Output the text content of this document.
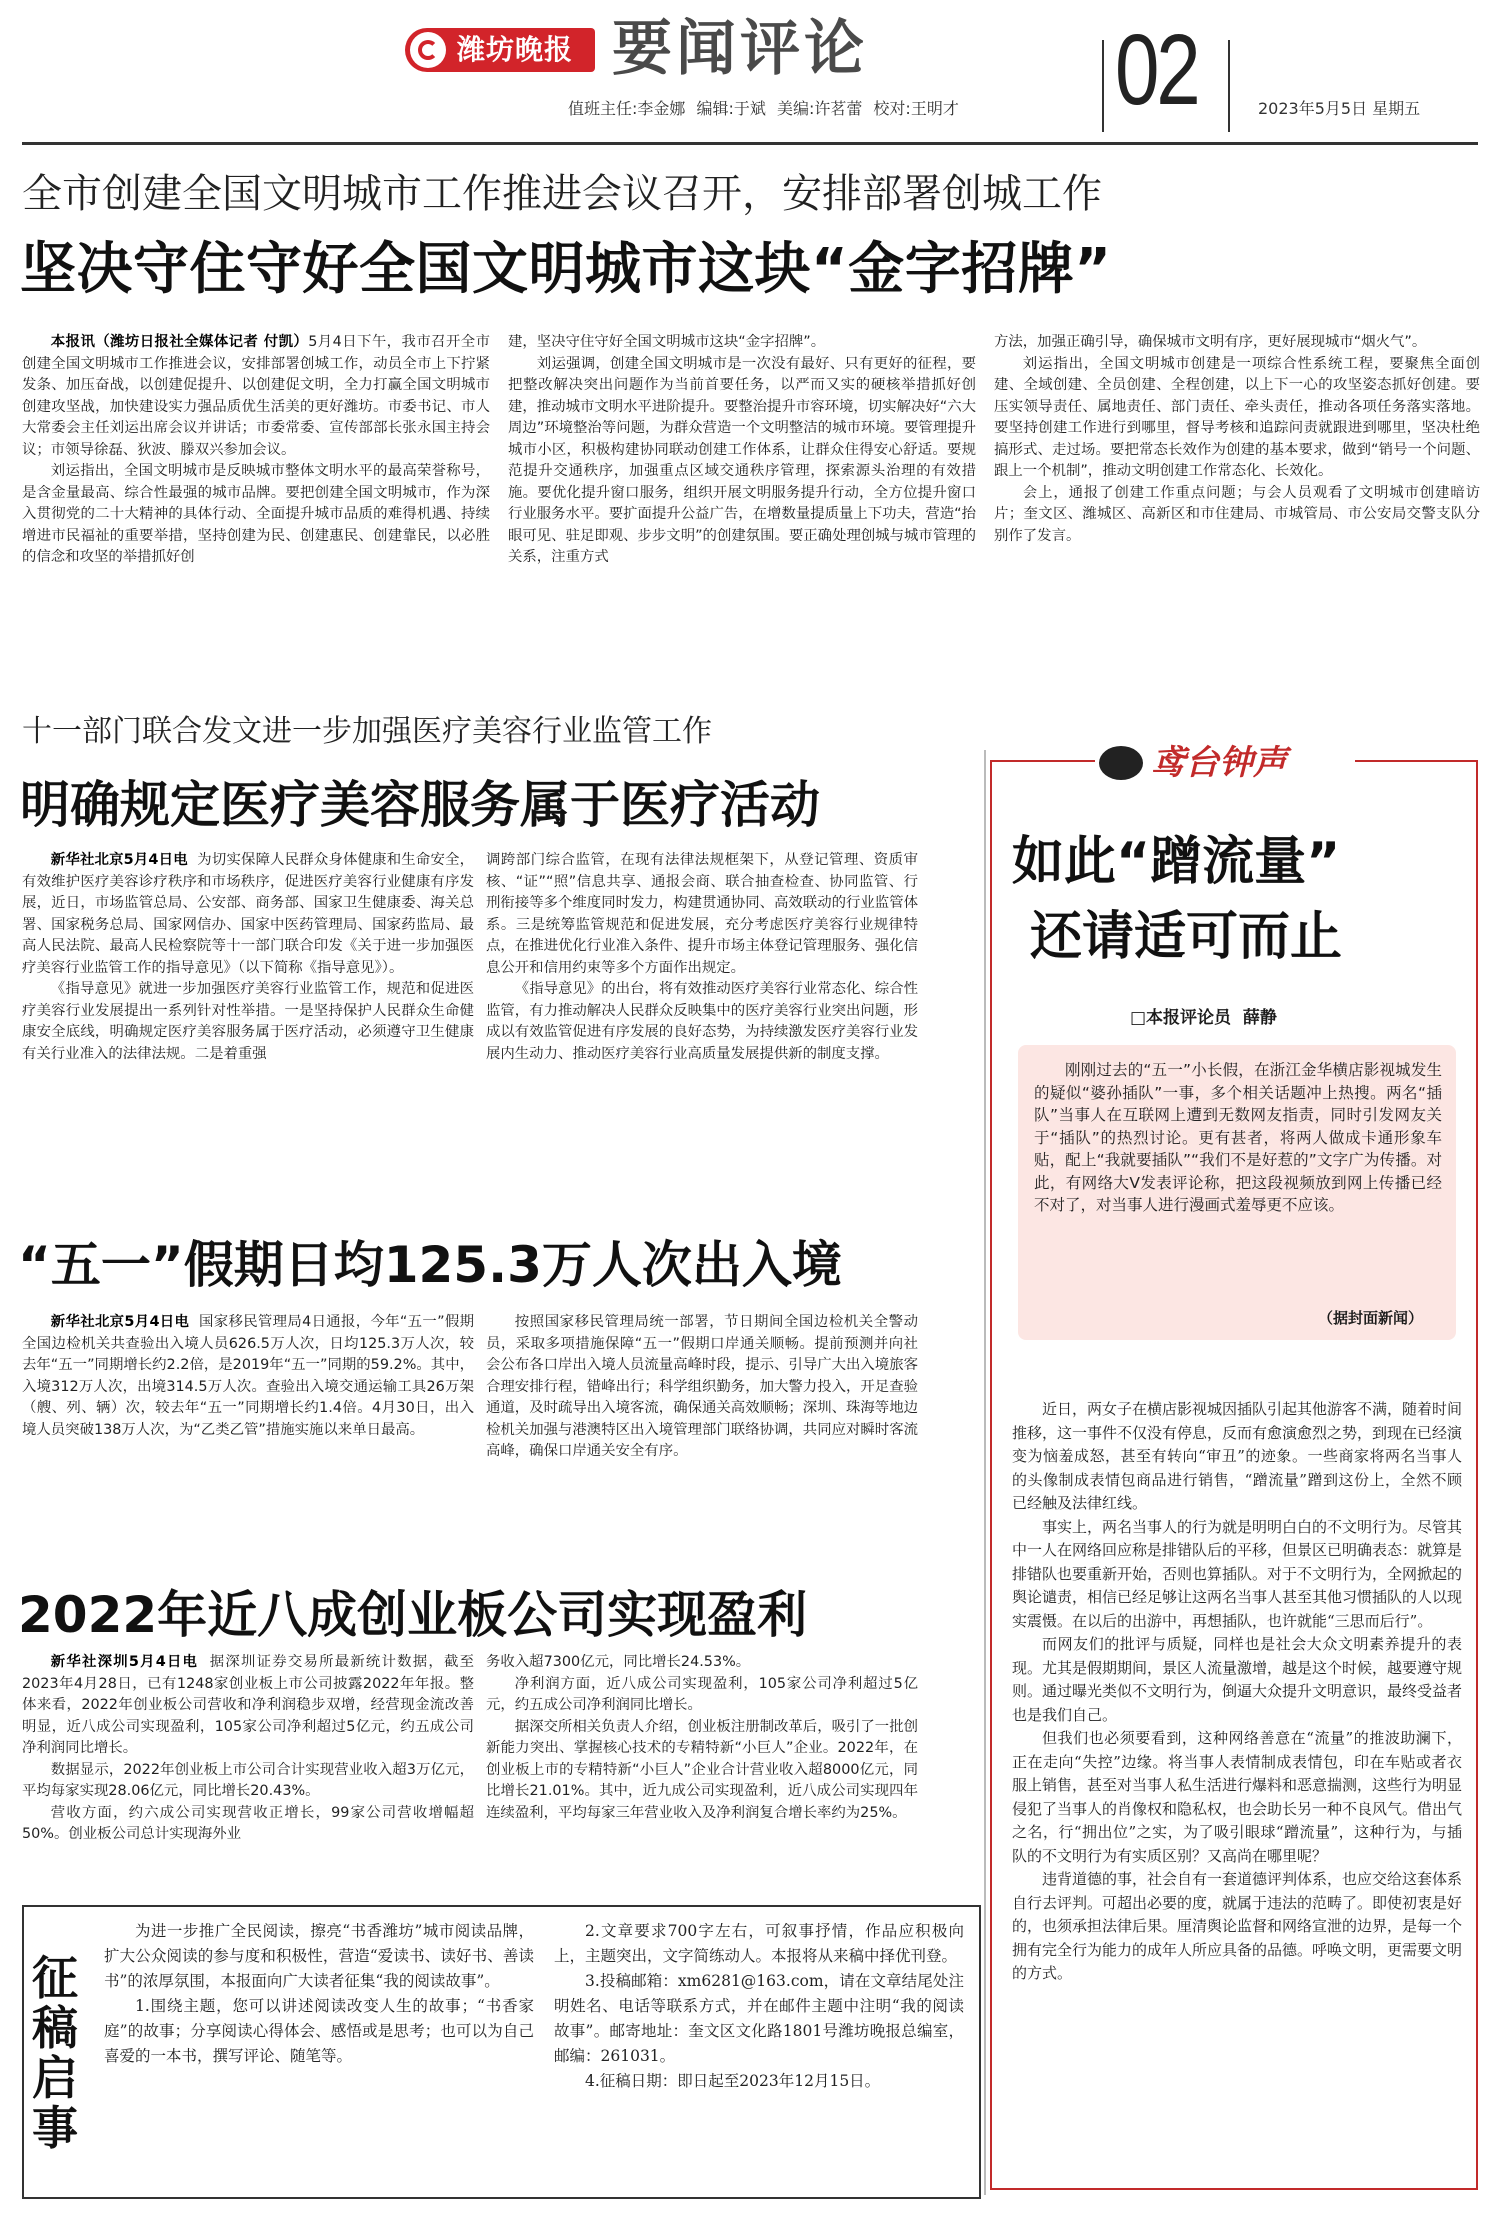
潍坊晚报 要闻评论 02
值班主任:李金娜 编辑:于斌 美编:许茗蕾 校对:王明才	2023年5月5日 星期五
全市创建全国文明城市工作推进会议召开，安排部署创城工作
坚决守住守好全国文明城市这块“金字招牌”

本报讯（潍坊日报社全媒体记者 付凯）5月4日下午，我市召开全市创建全国文明城市工作推进会议，安排部署创城工作，动员全市上下拧紧发条、加压奋战，以创建促提升、以创建促文明，全力打赢全国文明城市创建攻坚战，加快建设实力强品质优生活美的更好潍坊。市委书记、市人大常委会主任刘运出席会议并讲话；市委常委、宣传部部长张永国主持会议；市领导徐磊、狄波、滕双兴参加会议。

刘运指出，全国文明城市是反映城市整体文明水平的最高荣誉称号，是含金量最高、综合性最强的城市品牌。要把创建全国文明城市，作为深入贯彻党的二十大精神的具体行动、全面提升城市品质的难得机遇、持续增进市民福祉的重要举措，坚持创建为民、创建惠民、创建靠民，以必胜的信念和攻坚的举措抓好创

建，坚决守住守好全国文明城市这块“金字招牌”。

刘运强调，创建全国文明城市是一次没有最好、只有更好的征程，要把整改解决突出问题作为当前首要任务，以严而又实的硬核举措抓好创建，推动城市文明水平进阶提升。要整治提升市容环境，切实解决好“六大周边”环境整治等问题，为群众营造一个文明整洁的城市环境。要管理提升城市小区，积极构建协同联动创建工作体系，让群众住得安心舒适。要规范提升交通秩序，加强重点区域交通秩序管理，探索源头治理的有效措施。要优化提升窗口服务，组织开展文明服务提升行动，全方位提升窗口行业服务水平。要扩面提升公益广告，在增数量提质量上下功夫，营造“抬眼可见、驻足即观、步步文明”的创建氛围。要正确处理创城与城市管理的关系，注重方式

方法，加强正确引导，确保城市文明有序，更好展现城市“烟火气”。

刘运指出，全国文明城市创建是一项综合性系统工程，要聚焦全面创建、全域创建、全员创建、全程创建，以上下一心的攻坚姿态抓好创建。要压实领导责任、属地责任、部门责任、牵头责任，推动各项任务落实落地。要坚持创建工作进行到哪里，督导考核和追踪问责就跟进到哪里，坚决杜绝搞形式、走过场。要把常态长效作为创建的基本要求，做到“销号一个问题、跟上一个机制”，推动文明创建工作常态化、长效化。

会上，通报了创建工作重点问题；与会人员观看了文明城市创建暗访片；奎文区、潍城区、高新区和市住建局、市城管局、市公安局交警支队分别作了发言。

十一部门联合发文进一步加强医疗美容行业监管工作
明确规定医疗美容服务属于医疗活动

新华社北京5月4日电 为切实保障人民群众身体健康和生命安全，有效维护医疗美容诊疗秩序和市场秩序，促进医疗美容行业健康有序发展，近日，市场监管总局、公安部、商务部、国家卫生健康委、海关总署、国家税务总局、国家网信办、国家中医药管理局、国家药监局、最高人民法院、最高人民检察院等十一部门联合印发《关于进一步加强医疗美容行业监管工作的指导意见》（以下简称《指导意见》）。

《指导意见》就进一步加强医疗美容行业监管工作，规范和促进医疗美容行业发展提出一系列针对性举措。一是坚持保护人民群众生命健康安全底线，明确规定医疗美容服务属于医疗活动，必须遵守卫生健康有关行业准入的法律法规。二是着重强

调跨部门综合监管，在现有法律法规框架下，从登记管理、资质审核、“证”“照”信息共享、通报会商、联合抽查检查、协同监管、行刑衔接等多个维度同时发力，构建贯通协同、高效联动的行业监管体系。三是统筹监管规范和促进发展，充分考虑医疗美容行业规律特点，在推进优化行业准入条件、提升市场主体登记管理服务、强化信息公开和信用约束等多个方面作出规定。

《指导意见》的出台，将有效推动医疗美容行业常态化、综合性监管，有力推动解决人民群众反映集中的医疗美容行业突出问题，形成以有效监管促进有序发展的良好态势，为持续激发医疗美容行业发展内生动力、推动医疗美容行业高质量发展提供新的制度支撑。

“五一”假期日均125.3万人次出入境

新华社北京5月4日电 国家移民管理局4日通报，今年“五一”假期全国边检机关共查验出入境人员626.5万人次，日均125.3万人次，较去年“五一”同期增长约2.2倍，是2019年“五一”同期的59.2%。其中，入境312万人次，出境314.5万人次。查验出入境交通运输工具26万架（艘、列、辆）次，较去年“五一”同期增长约1.4倍。4月30日，出入境人员突破138万人次，为“乙类乙管”措施实施以来单日最高。

按照国家移民管理局统一部署，节日期间全国边检机关全警动员，采取多项措施保障“五一”假期口岸通关顺畅。提前预测并向社会公布各口岸出入境人员流量高峰时段，提示、引导广大出入境旅客合理安排行程，错峰出行；科学组织勤务，加大警力投入，开足查验通道，及时疏导出入境客流，确保通关高效顺畅；深圳、珠海等地边检机关加强与港澳特区出入境管理部门联络协调，共同应对瞬时客流高峰，确保口岸通关安全有序。

2022年近八成创业板公司实现盈利

新华社深圳5月4日电 据深圳证券交易所最新统计数据，截至2023年4月28日，已有1248家创业板上市公司披露2022年年报。整体来看，2022年创业板公司营收和净利润稳步双增，经营现金流改善明显，近八成公司实现盈利，105家公司净利超过5亿元，约五成公司净利润同比增长。

数据显示，2022年创业板上市公司合计实现营业收入超3万亿元，平均每家实现28.06亿元，同比增长20.43%。

营收方面，约六成公司实现营收正增长，99家公司营收增幅超50%。创业板公司总计实现海外业

务收入超7300亿元，同比增长24.53%。

净利润方面，近八成公司实现盈利，105家公司净利超过5亿元，约五成公司净利润同比增长。

据深交所相关负责人介绍，创业板注册制改革后，吸引了一批创新能力突出、掌握核心技术的专精特新“小巨人”企业。2022年，在创业板上市的专精特新“小巨人”企业合计营业收入超8000亿元，同比增长21.01%。其中，近九成公司实现盈利，近八成公司实现四年连续盈利，平均每家三年营业收入及净利润复合增长率约为25%。

征稿启事

为进一步推广全民阅读，擦亮“书香潍坊”城市阅读品牌，扩大公众阅读的参与度和积极性，营造“爱读书、读好书、善读书”的浓厚氛围，本报面向广大读者征集“我的阅读故事”。

1.围绕主题，您可以讲述阅读改变人生的故事；“书香家庭”的故事；分享阅读心得体会、感悟或是思考；也可以为自己喜爱的一本书，撰写评论、随笔等。

2.文章要求700字左右，可叙事抒情，作品应积极向上，主题突出，文字简练动人。本报将从来稿中择优刊登。

3.投稿邮箱：xm6281@163.com，请在文章结尾处注明姓名、电话等联系方式，并在邮件主题中注明“我的阅读故事”。邮寄地址：奎文区文化路1801号潍坊晚报总编室，邮编：261031。

4.征稿日期：即日起至2023年12月15日。

鸢台钟声
如此“蹭流量”
还请适可而止
□本报评论员  薛静
刚刚过去的“五一”小长假，在浙江金华横店影视城发生的疑似“婆孙插队”一事，多个相关话题冲上热搜。两名“插队”当事人在互联网上遭到无数网友指责，同时引发网友关于“插队”的热烈讨论。更有甚者，将两人做成卡通形象车贴，配上“我就要插队”“我们不是好惹的”文字广为传播。对此，有网络大V发表评论称，把这段视频放到网上传播已经不对了，对当事人进行漫画式羞辱更不应该。
（据封面新闻）

近日，两女子在横店影视城因插队引起其他游客不满，随着时间推移，这一事件不仅没有停息，反而有愈演愈烈之势，到现在已经演变为恼羞成怒，甚至有转向“审丑”的迹象。一些商家将两名当事人的头像制成表情包商品进行销售，“蹭流量”蹭到这份上，全然不顾已经触及法律红线。

事实上，两名当事人的行为就是明明白白的不文明行为。尽管其中一人在网络回应称是排错队后的平移，但景区已明确表态：就算是排错队也要重新开始，否则也算插队。对于不文明行为，全网掀起的舆论谴责，相信已经足够让这两名当事人甚至其他习惯插队的人以现实震慑。在以后的出游中，再想插队，也许就能“三思而后行”。

而网友们的批评与质疑，同样也是社会大众文明素养提升的表现。尤其是假期期间，景区人流量激增，越是这个时候，越要遵守规则。通过曝光类似不文明行为，倒逼大众提升文明意识，最终受益者也是我们自己。

但我们也必须要看到，这种网络善意在“流量”的推波助澜下，正在走向“失控”边缘。将当事人表情制成表情包，印在车贴或者衣服上销售，甚至对当事人私生活进行爆料和恶意揣测，这些行为明显侵犯了当事人的肖像权和隐私权，也会助长另一种不良风气。借出气之名，行“拥出位”之实，为了吸引眼球“蹭流量”，这种行为，与插队的不文明行为有实质区别？又高尚在哪里呢？

违背道德的事，社会自有一套道德评判体系，也应交给这套体系自行去评判。可超出必要的度，就属于违法的范畴了。即使初衷是好的，也须承担法律后果。厘清舆论监督和网络宣泄的边界，是每一个拥有完全行为能力的成年人所应具备的品德。呼唤文明，更需要文明的方式。
